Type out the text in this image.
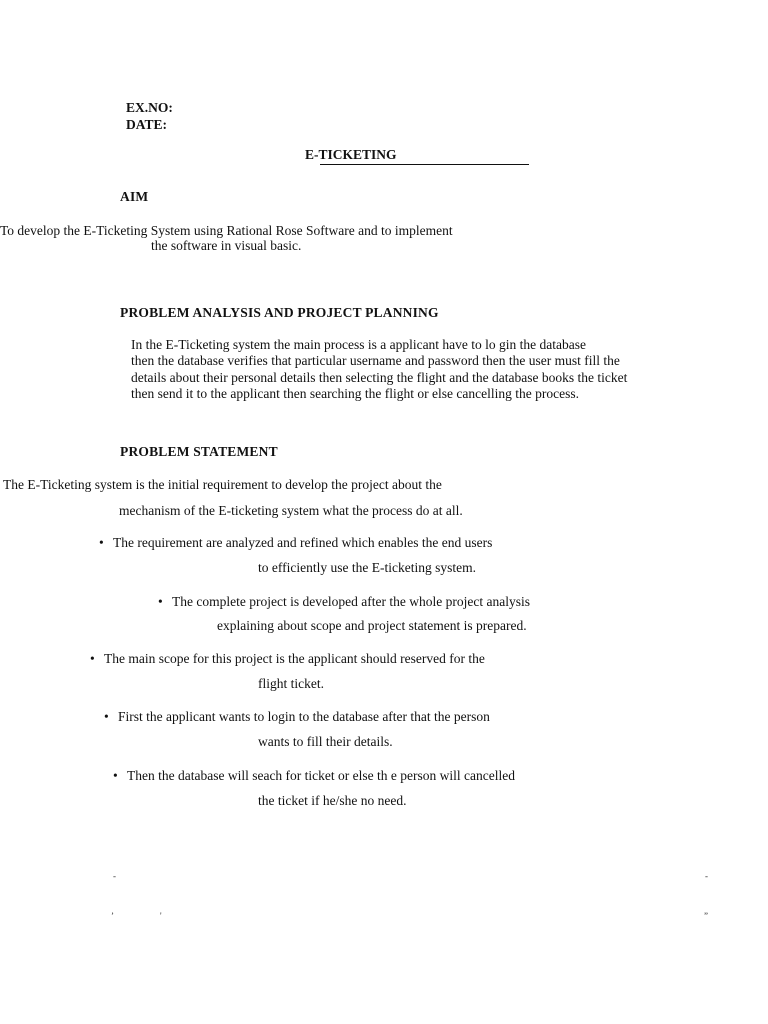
EX.NO:
DATE:
E-TICKETING
AIM
To develop the E-Ticketing System using Rational Rose Software and to implement
the software in visual basic.
PROBLEM ANALYSIS AND PROJECT PLANNING
In the E-Ticketing system the main process is a applicant have to lo gin the database
then the database verifies that particular username and password then the user must fill the
details about their personal details then selecting the flight and the database books the ticket
then send it to the applicant then searching the flight or else cancelling the process.
PROBLEM STATEMENT
The E-Ticketing system is the initial requirement to develop the project about the
mechanism of the E-ticketing system what the process do at all.
• The requirement are analyzed and refined which enables the end users
to efficiently use the E-ticketing system.
• The complete project is developed after the whole project analysis
explaining about scope and project statement is prepared.
• The main scope for this project is the applicant should reserved for the
flight ticket.
• First the applicant wants to login to the database after that the person
wants to fill their details.
• Then the database will seach for ticket or else th e person will cancelled
the ticket if he/she no need.
-	-
’	'	”
